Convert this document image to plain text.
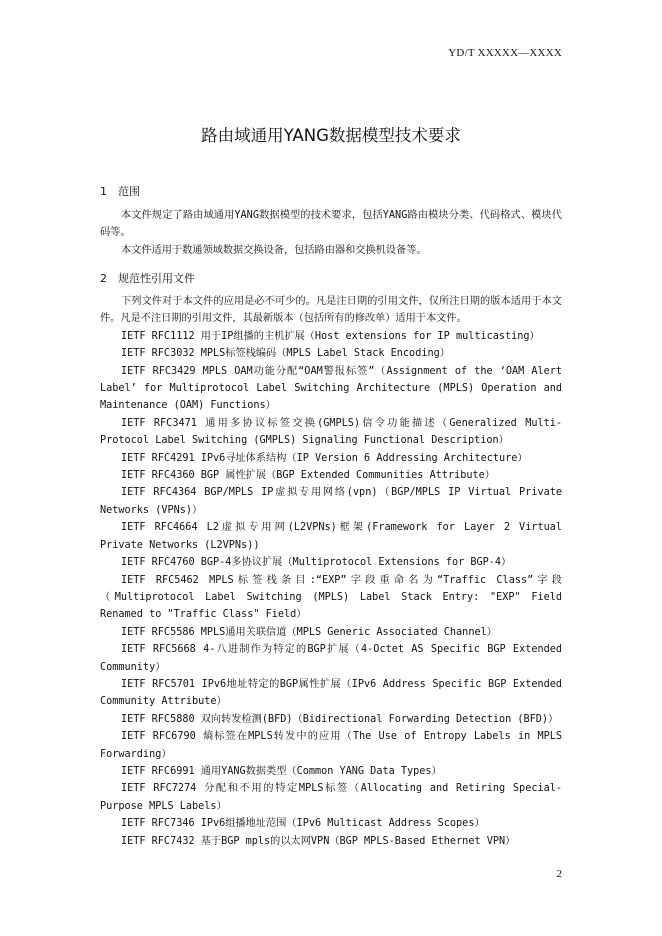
YD/T XXXXX—XXXX
路由域通用YANG数据模型技术要求
1 范围

本文件规定了路由域通用YANG数据模型的技术要求，包括YANG路由模块分类、代码格式、模块代码等。

本文件适用于数通领域数据交换设备，包括路由器和交换机设备等。

2 规范性引用文件

下列文件对于本文件的应用是必不可少的。凡是注日期的引用文件，仅所注日期的版本适用于本文件。凡是不注日期的引用文件，其最新版本（包括所有的修改单）适用于本文件。

IETF RFC1112 用于IP组播的主机扩展（Host extensions for IP multicasting）

IETF RFC3032 MPLS标签栈编码（MPLS Label Stack Encoding）

IETF RFC3429 MPLS OAM功能分配“OAM警报标签”（Assignment of the ‘OAM Alert Label’ for Multiprotocol Label Switching Architecture (MPLS) Operation and Maintenance (OAM) Functions）

IETF RFC3471 通用多协议标签交换(GMPLS)信令功能描述（Generalized Multi-Protocol Label Switching (GMPLS) Signaling Functional Description）

IETF RFC4291 IPv6寻址体系结构（IP Version 6 Addressing Architecture）

IETF RFC4360 BGP 属性扩展（BGP Extended Communities Attribute）

IETF RFC4364 BGP/MPLS IP虚拟专用网络(vpn)（BGP/MPLS IP Virtual Private Networks (VPNs)）

IETF RFC4664 L2虚拟专用网(L2VPNs)框架(Framework for Layer 2 Virtual Private Networks (L2VPNs))

IETF RFC4760 BGP-4多协议扩展（Multiprotocol Extensions for BGP-4）

IETF RFC5462 MPLS标签栈条目:“EXP”字段重命名为“Traffic Class”字段（Multiprotocol Label Switching (MPLS) Label Stack Entry: "EXP" Field Renamed to "Traffic Class" Field）

IETF RFC5586 MPLS通用关联信道（MPLS Generic Associated Channel）

IETF RFC5668 4-八进制作为特定的BGP扩展（4-Octet AS Specific BGP Extended Community）

IETF RFC5701 IPv6地址特定的BGP属性扩展（IPv6 Address Specific BGP Extended Community Attribute）

IETF RFC5880 双向转发检测(BFD)（Bidirectional Forwarding Detection (BFD)）

IETF RFC6790 熵标签在MPLS转发中的应用（The Use of Entropy Labels in MPLS Forwarding）

IETF RFC6991 通用YANG数据类型（Common YANG Data Types）

IETF RFC7274 分配和不用的特定MPLS标签（Allocating and Retiring Special-Purpose MPLS Labels）

IETF RFC7346 IPv6组播地址范围（IPv6 Multicast Address Scopes）

IETF RFC7432 基于BGP mpls的以太网VPN（BGP MPLS-Based Ethernet VPN）

2
